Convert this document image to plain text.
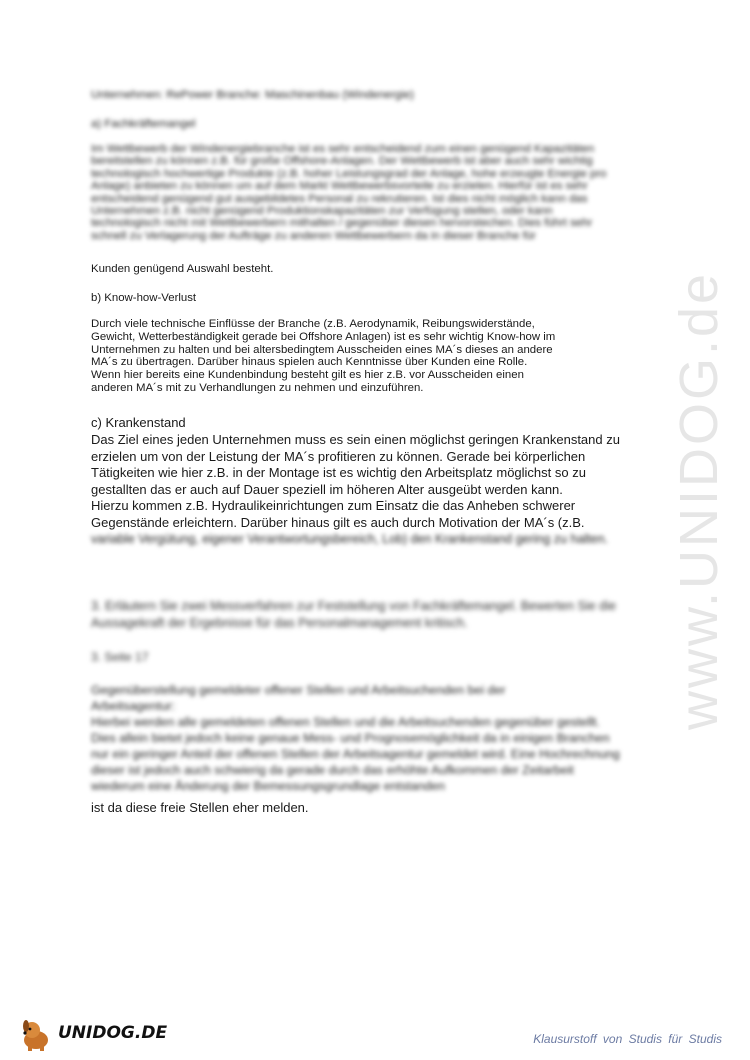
Unternehmen: RePower Branche: Maschinenbau (Windenergie)

a) Fachkräftemangel

Im Wettbewerb der Windenergiebranche ist es sehr entscheidend zum einen genügend Kapazitäten bereitstellen zu können z.B. für große Offshore-Anlagen. Der Wettbewerb ist aber auch sehr wichtig technologisch hochwertige Produkte (z.B. hoher Leistungsgrad der Anlage, hohe erzeugte Energie pro Anlage) anbieten zu können um auf dem Markt Wettbewerbsvorteile zu erzielen. Hierfür ist es sehr entscheidend genügend gut ausgebildetes Personal zu rekrutieren. Ist dies nicht möglich kann das Unternehmen z.B. nicht genügend Produktionskapazitäten zur Verfügung stellen, oder kann technologisch nicht mit Wettbewerbern mithalten / gegenüber diesen hervorstechen. Dies führt sehr schnell zu Verlagerung der Aufträge zu anderen Wettbewerbern da in dieser Branche für

Kunden genügend Auswahl besteht.

b) Know-how-Verlust

Durch viele technische Einflüsse der Branche (z.B. Aerodynamik, Reibungswiderstände,
Gewicht, Wetterbeständigkeit gerade bei Offshore Anlagen) ist es sehr wichtig Know-how im
Unternehmen zu halten und bei altersbedingtem Ausscheiden eines MA´s dieses an andere
MA´s zu übertragen. Darüber hinaus spielen auch Kenntnisse über Kunden eine Rolle.
Wenn hier bereits eine Kundenbindung besteht gilt es hier z.B. vor Ausscheiden einen
anderen MA´s mit zu Verhandlungen zu nehmen und einzuführen.

c) Krankenstand

Das Ziel eines jeden Unternehmen muss es sein einen möglichst geringen Krankenstand zu
erzielen um von der Leistung der MA´s profitieren zu können. Gerade bei körperlichen
Tätigkeiten wie hier z.B. in der Montage ist es wichtig den Arbeitsplatz möglichst so zu
gestallten das er auch auf Dauer speziell im höheren Alter ausgeübt werden kann.
Hierzu kommen z.B. Hydraulikeinrichtungen zum Einsatz die das Anheben schwerer
Gegenstände erleichtern. Darüber hinaus gilt es auch durch Motivation der MA´s (z.B.

variable Vergütung, eigener Verantwortungsbereich, Lob) den Krankenstand gering zu halten.

3. Erläutern Sie zwei Messverfahren zur Feststellung von Fachkräftemangel. Bewerten Sie die Aussagekraft der Ergebnisse für das Personalmanagement kritisch.

3. Seite 17

Gegenüberstellung gemeldeter offener Stellen und Arbeitsuchenden bei der Arbeitsagentur:

Hierbei werden alle gemeldeten offenen Stellen und die Arbeitsuchenden gegenüber gestellt. Dies allein bietet jedoch keine genaue Mess- und Prognosemöglichkeit da in einigen Branchen nur ein geringer Anteil der offenen Stellen der Arbeitsagentur gemeldet wird. Eine Hochrechnung dieser ist jedoch auch schwierig da gerade durch das erhöhte Aufkommen der Zeitarbeit wiederum eine Änderung der Bemessungsgrundlage entstanden

ist da diese freie Stellen eher melden.

www.UNIDOG.de
UNIDOG.DE	Klausurstoff von Studis für Studis
